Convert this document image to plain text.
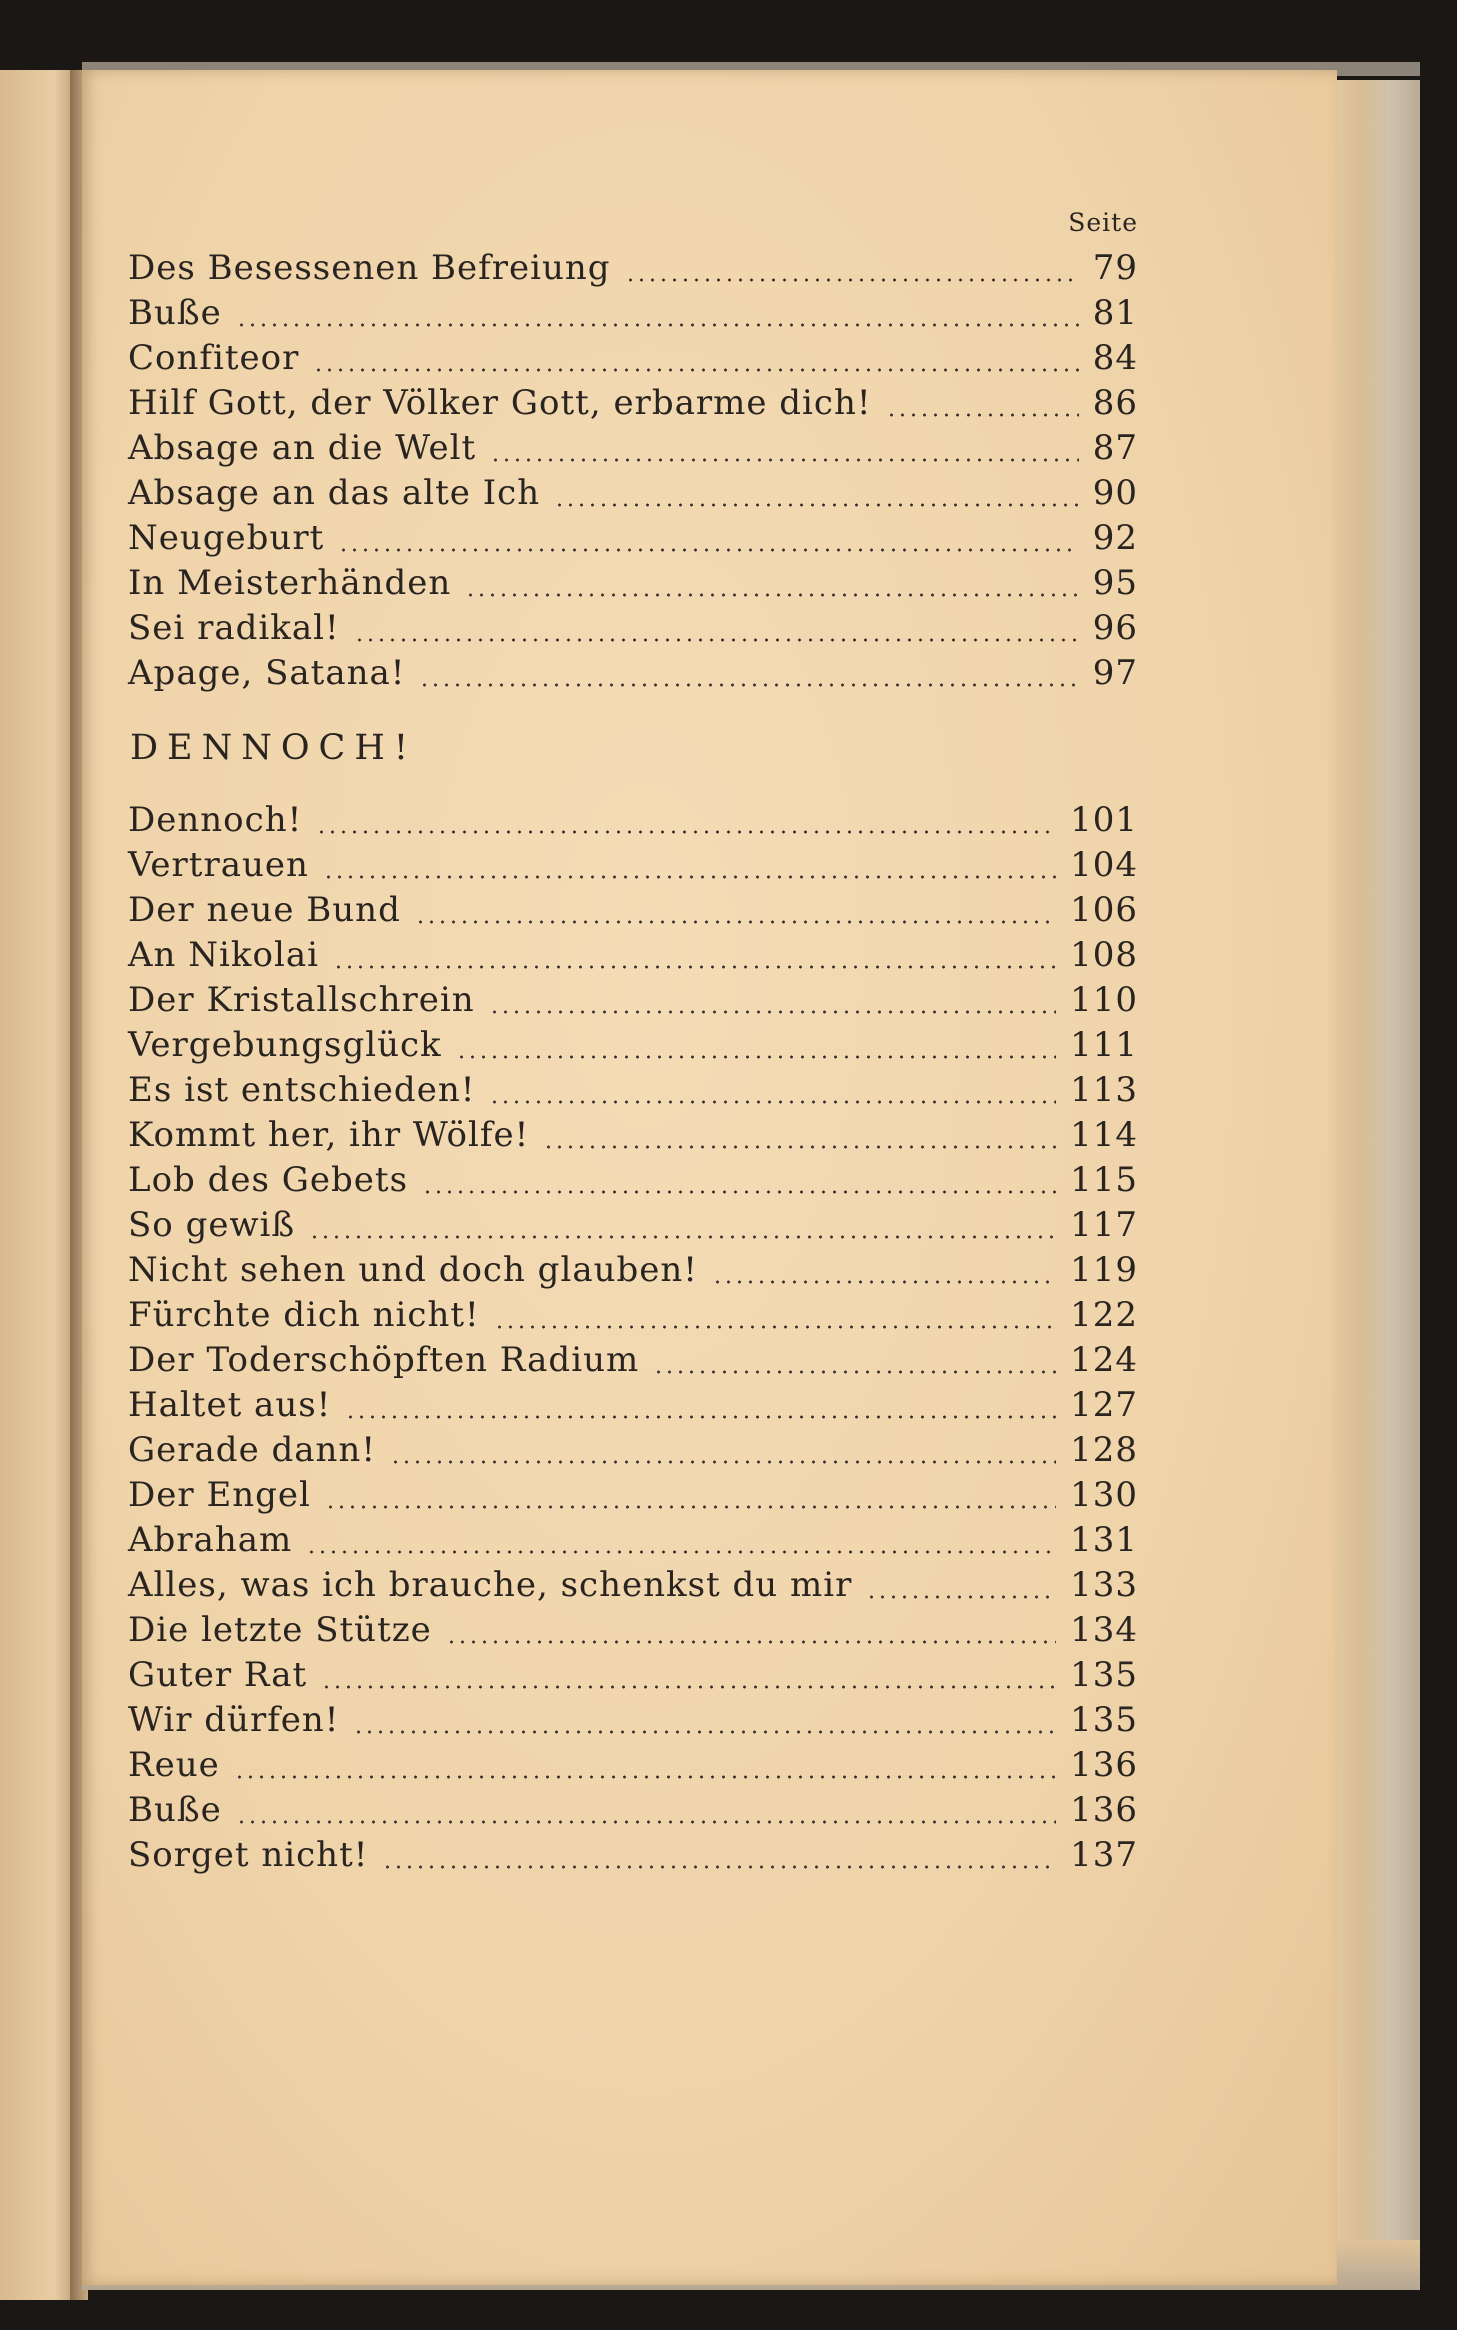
Seite
Des Besessenen Befreiung	79
Buße	81
Confiteor	84
Hilf Gott, der Völker Gott, erbarme dich!	86
Absage an die Welt	87
Absage an das alte Ich	90
Neugeburt	92
In Meisterhänden	95
Sei radikal!	96
Apage, Satana!	97
DENNOCH!
Dennoch!	101
Vertrauen	104
Der neue Bund	106
An Nikolai	108
Der Kristallschrein	110
Vergebungsglück	111
Es ist entschieden!	113
Kommt her, ihr Wölfe!	114
Lob des Gebets	115
So gewiß	117
Nicht sehen und doch glauben!	119
Fürchte dich nicht!	122
Der Toderschöpften Radium	124
Haltet aus!	127
Gerade dann!	128
Der Engel	130
Abraham	131
Alles, was ich brauche, schenkst du mir	133
Die letzte Stütze	134
Guter Rat	135
Wir dürfen!	135
Reue	136
Buße	136
Sorget nicht!	137
